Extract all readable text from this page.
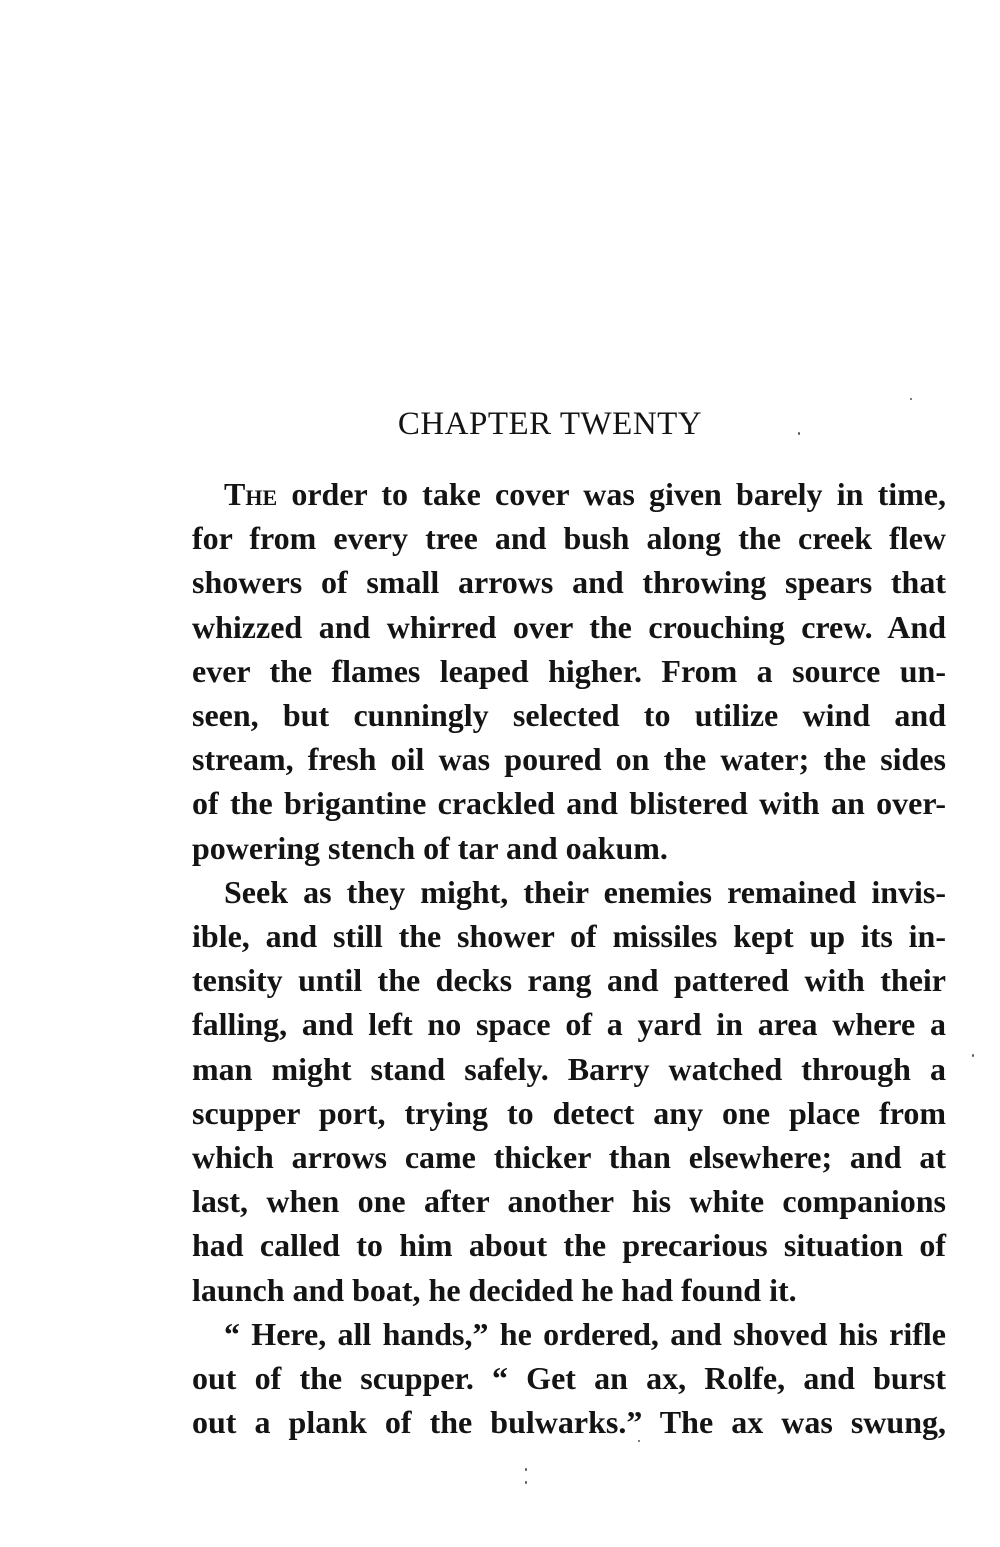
CHAPTER TWENTY

The order to take cover was given barely in time,
for from every tree and bush along the creek flew
showers of small arrows and throwing spears that
whizzed and whirred over the crouching crew. And
ever the flames leaped higher. From a source un-
seen, but cunningly selected to utilize wind and
stream, fresh oil was poured on the water; the sides
of the brigantine crackled and blistered with an over-
powering stench of tar and oakum.

Seek as they might, their enemies remained invis-
ible, and still the shower of missiles kept up its in-
tensity until the decks rang and pattered with their
falling, and left no space of a yard in area where a
man might stand safely. Barry watched through a
scupper port, trying to detect any one place from
which arrows came thicker than elsewhere; and at
last, when one after another his white companions
had called to him about the precarious situation of
launch and boat, he decided he had found it.

“ Here, all hands,” he ordered, and shoved his rifle
out of the scupper. “ Get an ax, Rolfe, and burst
out a plank of the bulwarks.” The ax was swung,
